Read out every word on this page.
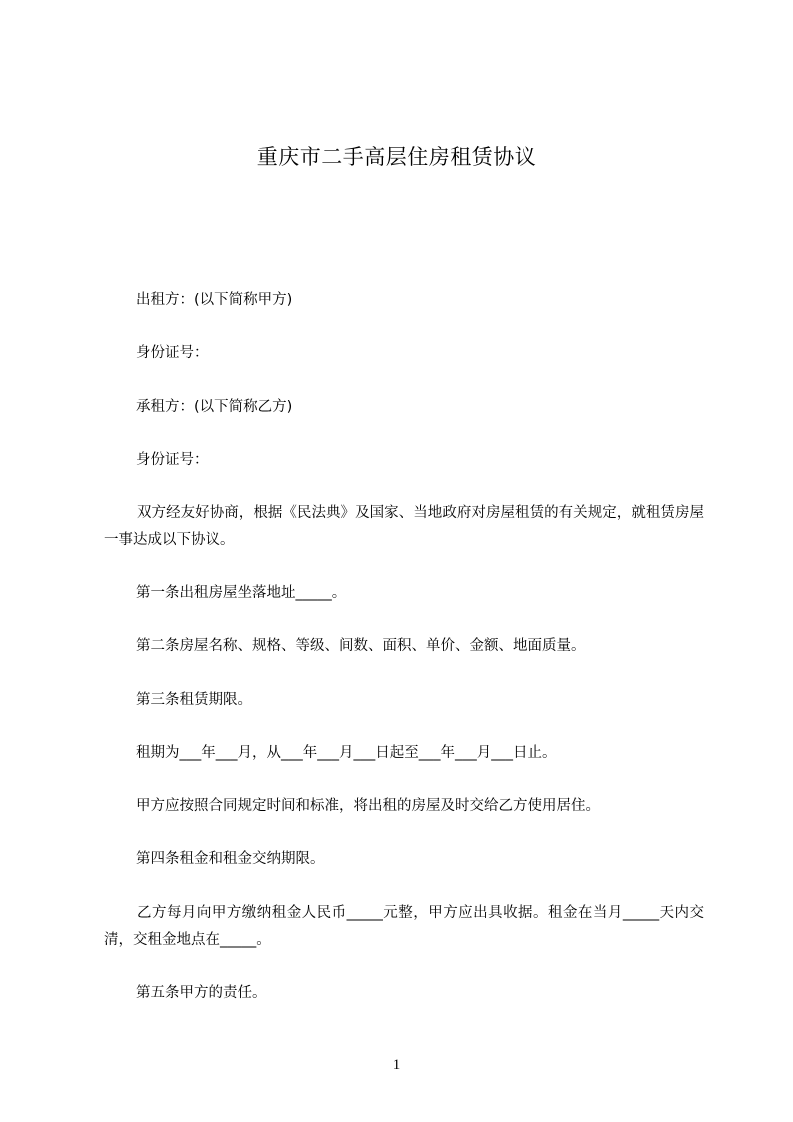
重庆市二手高层住房租赁协议
出租方：(以下简称甲方)
身份证号：
承租方：(以下简称乙方)
身份证号：
双方经友好协商，根据《民法典》及国家、当地政府对房屋租赁的有关规定，就租赁房屋一事达成以下协议。
第一条出租房屋坐落地址_____。
第二条房屋名称、规格、等级、间数、面积、单价、金额、地面质量。
第三条租赁期限。
租期为___年___月，从___年___月___日起至___年___月___日止。
甲方应按照合同规定时间和标准，将出租的房屋及时交给乙方使用居住。
第四条租金和租金交纳期限。
乙方每月向甲方缴纳租金人民币_____元整，甲方应出具收据。租金在当月_____天内交清，交租金地点在_____。
第五条甲方的责任。
1
